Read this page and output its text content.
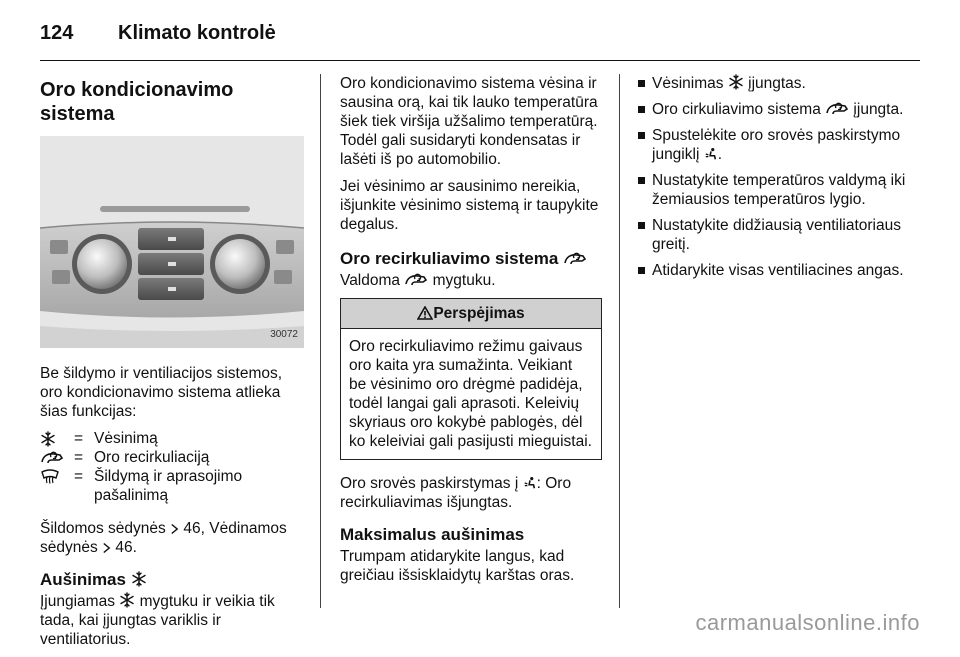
124 Klimato kontrolė
Oro kondicionavimo sistema
30072

Be šildymo ir ventiliacijos sistemos, oro kondicionavimo sistema atlieka šias funkcijas:

= Vėsinimą
= Oro recirkuliaciją
= Šildymą ir aprasojimo pašalinimą

Šildomos sėdynės  46, Vėdinamos sėdynės  46.

Aušinimas

Įjungiamas  mygtuku ir veikia tik tada, kai įjungtas variklis ir ventiliatorius.

Oro kondicionavimo sistema vėsina ir sausina orą, kai tik lauko temperatūra šiek tiek viršija užšalimo temperatūrą. Todėl gali susidaryti kondensatas ir lašėti iš po automobilio.

Jei vėsinimo ar sausinimo nereikia, išjunkite vėsinimo sistemą ir taupykite degalus.

Oro recirkuliavimo sistema

Valdoma  mygtuku.

Perspėjimas
Oro recirkuliavimo režimu gaivaus oro kaita yra sumažinta. Veikiant be vėsinimo oro drėgmė padidėja, todėl langai gali aprasoti. Keleivių skyriaus oro kokybė pablogės, dėl ko keleiviai gali pasijusti mieguistai.

Oro srovės paskirstymas į : Oro recirkuliavimas išjungtas.

Maksimalus aušinimas

Trumpam atidarykite langus, kad greičiau išsisklaidytų karštas oras.

Vėsinimas  įjungtas.
Oro cirkuliavimo sistema  įjungta.
Spustelėkite oro srovės paskirstymo jungiklį .
Nustatykite temperatūros valdymą iki žemiausios temperatūros lygio.
Nustatykite didžiausią ventiliatoriaus greitį.
Atidarykite visas ventiliacines angas.
carmanualsonline.info
